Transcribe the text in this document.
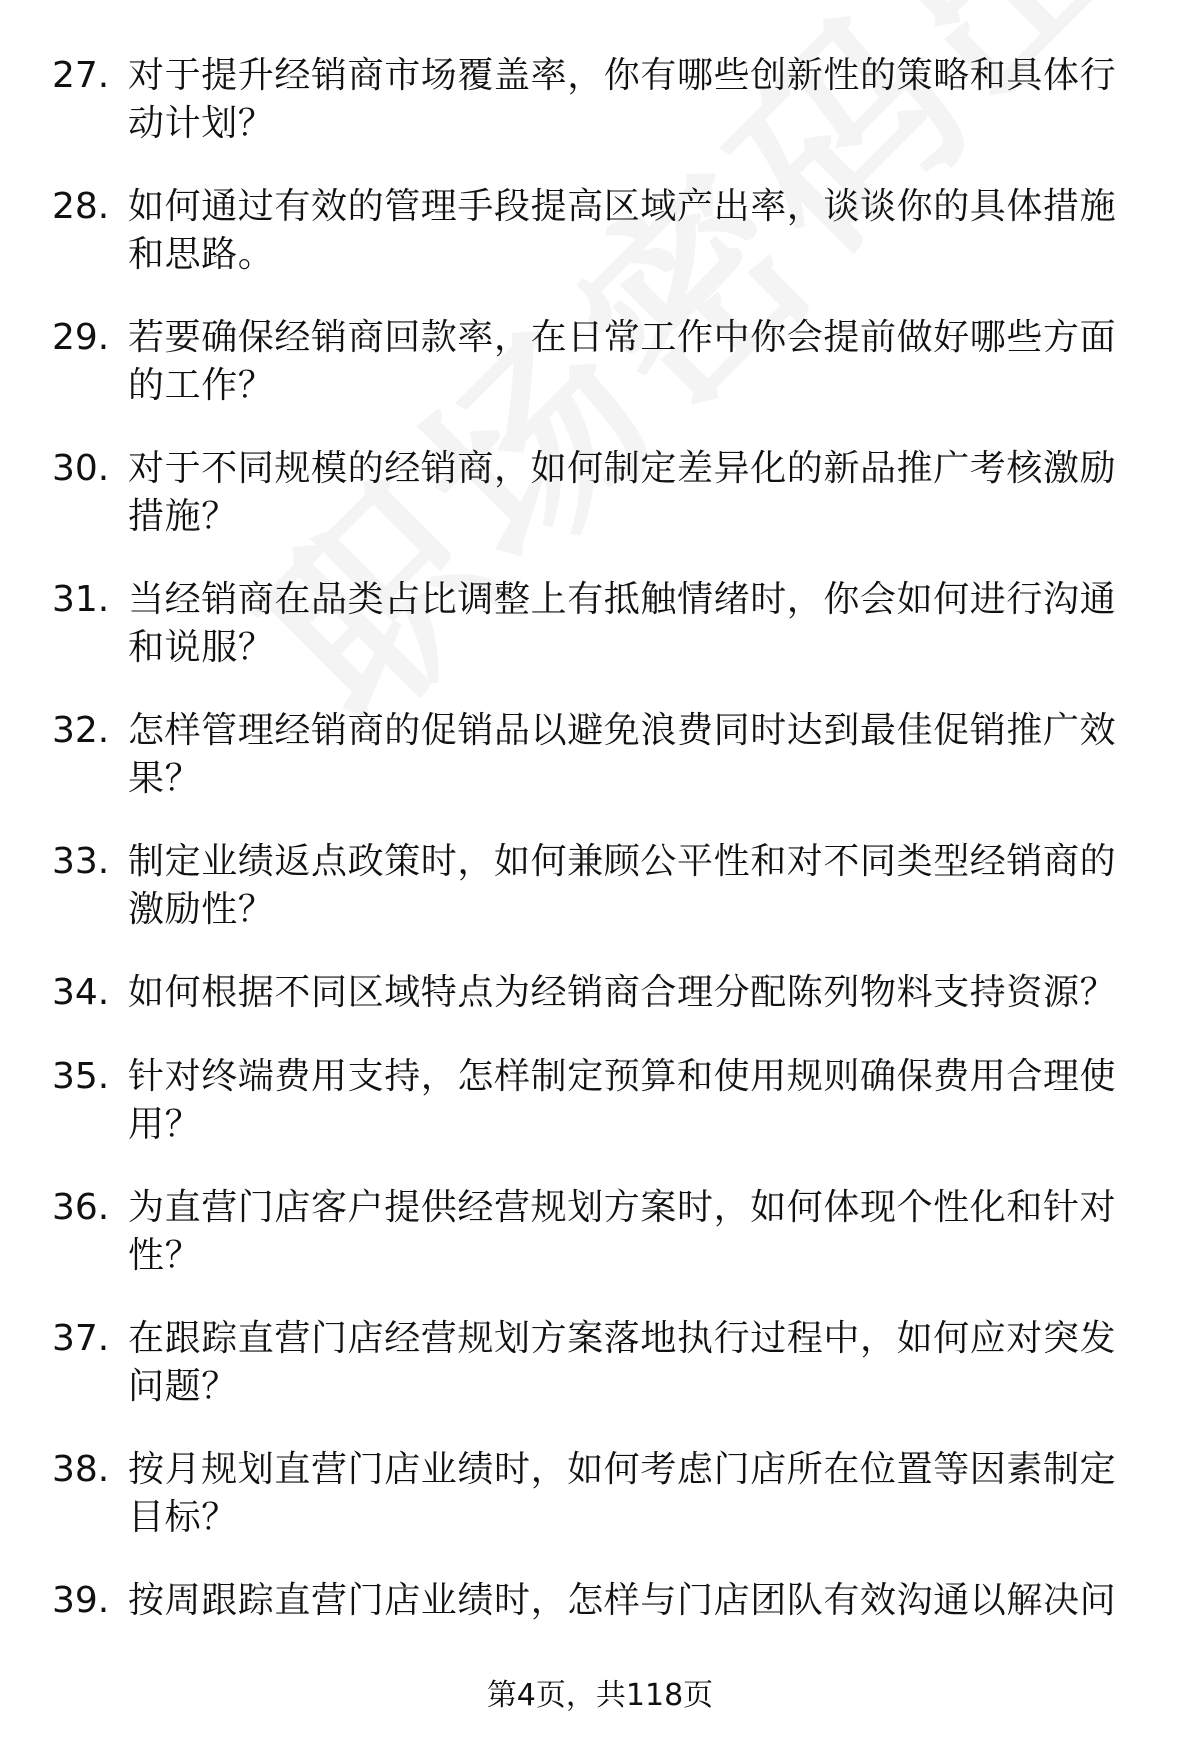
27. 对于提升经销商市场覆盖率，你有哪些创新性的策略和具体行动计划？
28. 如何通过有效的管理手段提高区域产出率，谈谈你的具体措施和思路。
29. 若要确保经销商回款率，在日常工作中你会提前做好哪些方面的工作？
30. 对于不同规模的经销商，如何制定差异化的新品推广考核激励措施？
31. 当经销商在品类占比调整上有抵触情绪时，你会如何进行沟通和说服？
32. 怎样管理经销商的促销品以避免浪费同时达到最佳促销推广效果？
33. 制定业绩返点政策时，如何兼顾公平性和对不同类型经销商的激励性？
34. 如何根据不同区域特点为经销商合理分配陈列物料支持资源？
35. 针对终端费用支持，怎样制定预算和使用规则确保费用合理使用？
36. 为直营门店客户提供经营规划方案时，如何体现个性化和针对性？
37. 在跟踪直营门店经营规划方案落地执行过程中，如何应对突发问题？
38. 按月规划直营门店业绩时，如何考虑门店所在位置等因素制定目标？
39. 按周跟踪直营门店业绩时，怎样与门店团队有效沟通以解决问
第4页，共118页
